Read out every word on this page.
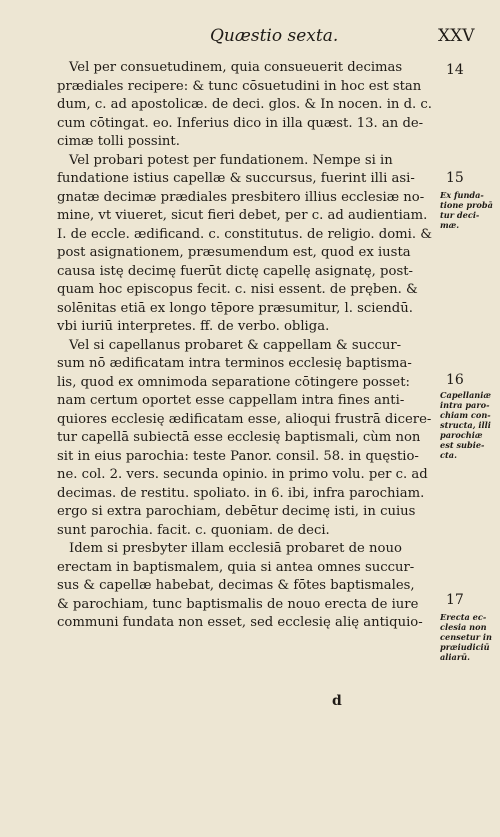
Quæstio sexta.	XXV

Vel per consuetudinem, quia consueuerit decimas
prædiales recipere: & tunc cōsuetudini in hoc est stan
dum, c. ad apostolicæ. de deci. glos. & In nocen. in d. c.
cum cōtingat. eo. Inferius dico in illa quæst. 13. an de-
cimæ tolli possint.

Vel probari potest per fundationem. Nempe si in
fundatione istius capellæ & succursus, fuerint illi asi-
gnatæ decimæ prædiales presbitero illius ecclesiæ no-
mine, vt viueret, sicut fieri debet, per c. ad audientiam.
I. de eccle. ædificand. c. constitutus. de religio. domi. &
post asignationem, præsumendum est, quod ex iusta
causa istę decimę fuerūt dictę capellę asignatę, post-
quam hoc episcopus fecit. c. nisi essent. de pręben. &
solēnitas etiā ex longo tēpore præsumitur, l. sciendū.
vbi iuriū interpretes. ff. de verbo. obliga.

Vel si capellanus probaret & cappellam & succur-
sum nō ædificatam intra terminos ecclesię baptisma-
lis, quod ex omnimoda separatione cōtingere posset:
nam certum oportet esse cappellam intra fines anti-
quiores ecclesię ædificatam esse, alioqui frustrā dicere-
tur capellā subiectā esse ecclesię baptismali, cùm non
sit in eius parochia: teste Panor. consil. 58. in quęstio-
ne. col. 2. vers. secunda opinio. in primo volu. per c. ad
decimas. de restitu. spoliato. in 6. ibi, infra parochiam.
ergo si extra parochiam, debētur decimę isti, in cuius
sunt parochia. facit. c. quoniam. de deci.

Idem si presbyter illam ecclesiā probaret de nouo
erectam in baptismalem, quia si antea omnes succur-
sus & capellæ habebat, decimas & fōtes baptismales,
& parochiam, tunc baptismalis de nouo erecta de iure
communi fundata non esset, sed ecclesię alię antiquio-

d
14
15
16
17
Ex funda-
tione probā
tur deci-
mæ.
Capellaniæ
intra paro-
chiam con-
structa, illi
parochiæ
est subie-
cta.
Erecta ec-
clesia non
censetur in
præiudiciū
aliarū.
